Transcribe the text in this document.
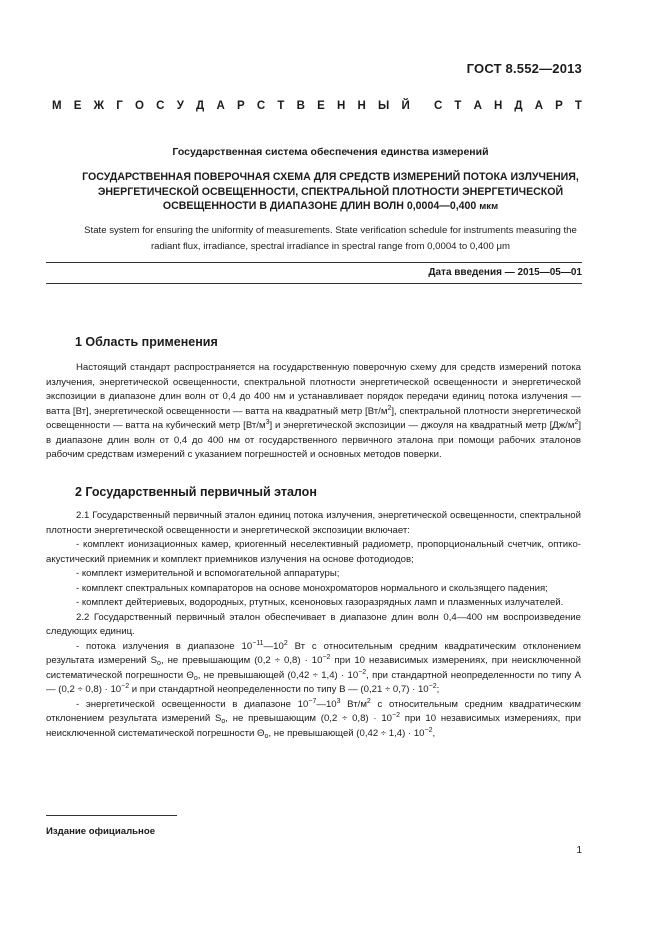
ГОСТ 8.552—2013
М Е Ж Г О С У Д А Р С Т В Е Н Н Ы Й С Т А Н Д А Р Т
Государственная система обеспечения единства измерений
ГОСУДАРСТВЕННАЯ ПОВЕРОЧНАЯ СХЕМА ДЛЯ СРЕДСТВ ИЗМЕРЕНИЙ ПОТОКА ИЗЛУЧЕНИЯ,
ЭНЕРГЕТИЧЕСКОЙ ОСВЕЩЕННОСТИ, СПЕКТРАЛЬНОЙ ПЛОТНОСТИ ЭНЕРГЕТИЧЕСКОЙ
ОСВЕЩЕННОСТИ В ДИАПАЗОНЕ ДЛИН ВОЛН 0,0004—0,400 мкм
State system for ensuring the uniformity of measurements. State verification schedule for instruments measuring the
radiant flux, irradiance, spectral irradiance in spectral range from 0,0004 to 0,400 μm
Дата введения — 2015—05—01
1 Область применения

Настоящий стандарт распространяется на государственную поверочную схему для средств измерений потока излучения, энергетической освещенности, спектральной плотности энергетической освещенности и энергетической экспозиции в диапазоне длин волн от 0,4 до 400 нм и устанавливает порядок передачи единиц потока излучения — ватта [Вт], энергетической освещенности — ватта на квадратный метр $[Вт/м^2]$, спектральной плотности энергетической освещенности — ватта на кубический метр $[Вт/м^3]$ и энергетической экспозиции — джоуля на квадратный метр $[Дж/м^2]$ в диапазоне длин волн от 0,4 до 400 нм от государственного первичного эталона при помощи рабочих эталонов рабочим средствам измерений с указанием погрешностей и основных методов поверки.

2 Государственный первичный эталон

2.1 Государственный первичный эталон единиц потока излучения, энергетической освещенности, спектральной плотности энергетической освещенности и энергетической экспозиции включает:

- комплект ионизационных камер, криогенный неселективный радиометр, пропорциональный счетчик, оптико-акустический приемник и комплект приемников излучения на основе фотодиодов;

- комплект измерительной и вспомогательной аппаратуры;

- комплект спектральных компараторов на основе монохроматоров нормального и скользящего падения;

- комплект дейтериевых, водородных, ртутных, ксеноновых газоразрядных ламп и плазменных излучателей.

2.2 Государственный первичный эталон обеспечивает в диапазоне длин волн 0,4—400 нм воспроизведение следующих единиц.

- потока излучения в диапазоне $10^{-11}—10^2$ Вт с относительным средним квадратическим отклонением результата измерений $S_о$, не превышающим $(0,2 \div 0,8) \cdot 10^{-2}$ при 10 независимых измерениях, при неисключенной систематической погрешности $\Theta_о$, не превышающей $(0,42 \div 1,4) \cdot 10^{-2}$, при стандартной неопределенности по типу А — $(0,2 \div 0,8) \cdot 10^{-2}$ и при стандартной неопределенности по типу В — $(0,21 \div 0,7) \cdot 10^{-2}$;

- энергетической освещенности в диапазоне $10^{-7}—10^3$ $Вт/м^2$ с относительным средним квадратическим отклонением результата измерений $S_о$, не превышающим $(0,2 \div 0,8) \cdot 10^{-2}$ при 10 независимых измерениях, при неисключенной систематической погрешности $\Theta_о$, не превышающей $(0,42 \div 1,4) \cdot 10^{-2}$,

Издание официальное
1
